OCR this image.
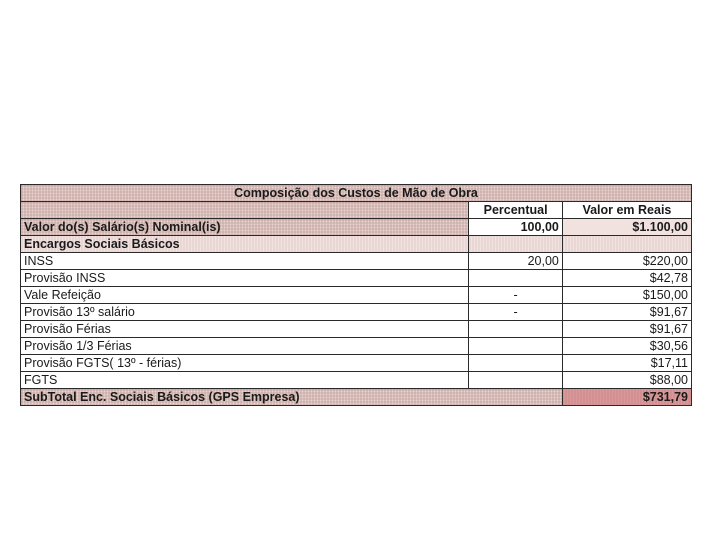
Composição dos Custos de Mão de Obra		
	Percentual	Valor em Reais
Valor do(s) Salário(s) Nominal(is)	100,00	$1.100,00
Encargos Sociais Básicos		
INSS	20,00	$220,00
Provisão INSS		$42,78
Vale Refeição	-	$150,00
Provisão 13º salário	-	$91,67
Provisão Férias		$91,67
Provisão 1/3 Férias		$30,56
Provisão FGTS( 13º - férias)		$17,11
FGTS		$88,00
SubTotal Enc. Sociais Básicos (GPS Empresa)		$731,79
